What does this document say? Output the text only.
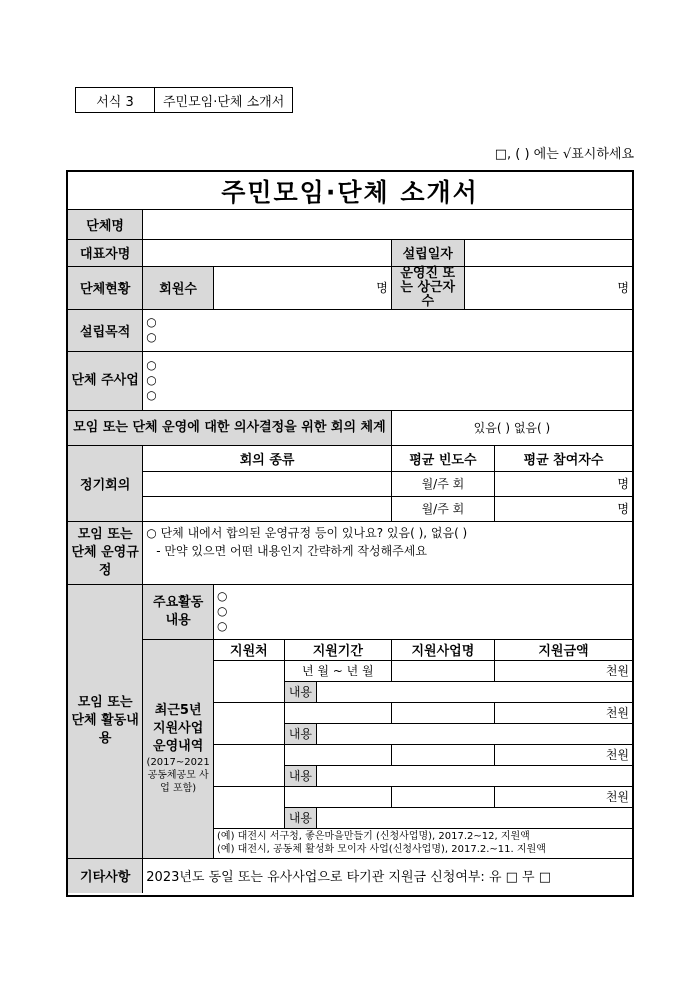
서식 3	주민모임·단체 소개서
□, ( ) 에는 √표시하세요
주민모임·단체 소개서
단체명							
대표자명					설립일자		
단체현황	회원수	명			운영진 또는 상근자수	명	
설립목적	○
○						

단체 주사업	○
○
○						

모임 또는 단체 운영에 대한 의사결정을 위한 회의 체계					있음( ) 없음( )		
정기회의	회의 종류				평균 빈도수		평균 참여자수
					월/주 회		명
					월/주 회		명
모임 또는 단체 운영규정	○ 단체 내에서 합의된 운영규정 등이 있나요? 있음( ), 없음( )
- 만약 있으면 어떤 내용인지 간략하게 작성해주세요						

모임 또는 단체 활동내용	주요활동 내용	○
○
○					

	최근5년 지원사업 운영내역
(2017~2021 공동체공모 사업 포함)	지원처	지원기간		지원사업명		지원금액
			년 월 ~ 년 월				천원
			내용				
							천원
			내용				
							천원
			내용				
							천원
			내용				

		(예) 대전시 서구청, 좋은마을만들기 (신청사업명), 2017.2~12, 지원액
(예) 대전시, 공동체 활성화 모이자 사업(신청사업명), 2017.2.~11. 지원액					

기타사항	2023년도 동일 또는 유사사업으로 타기관 지원금 신청여부: 유 □ 무 □						
